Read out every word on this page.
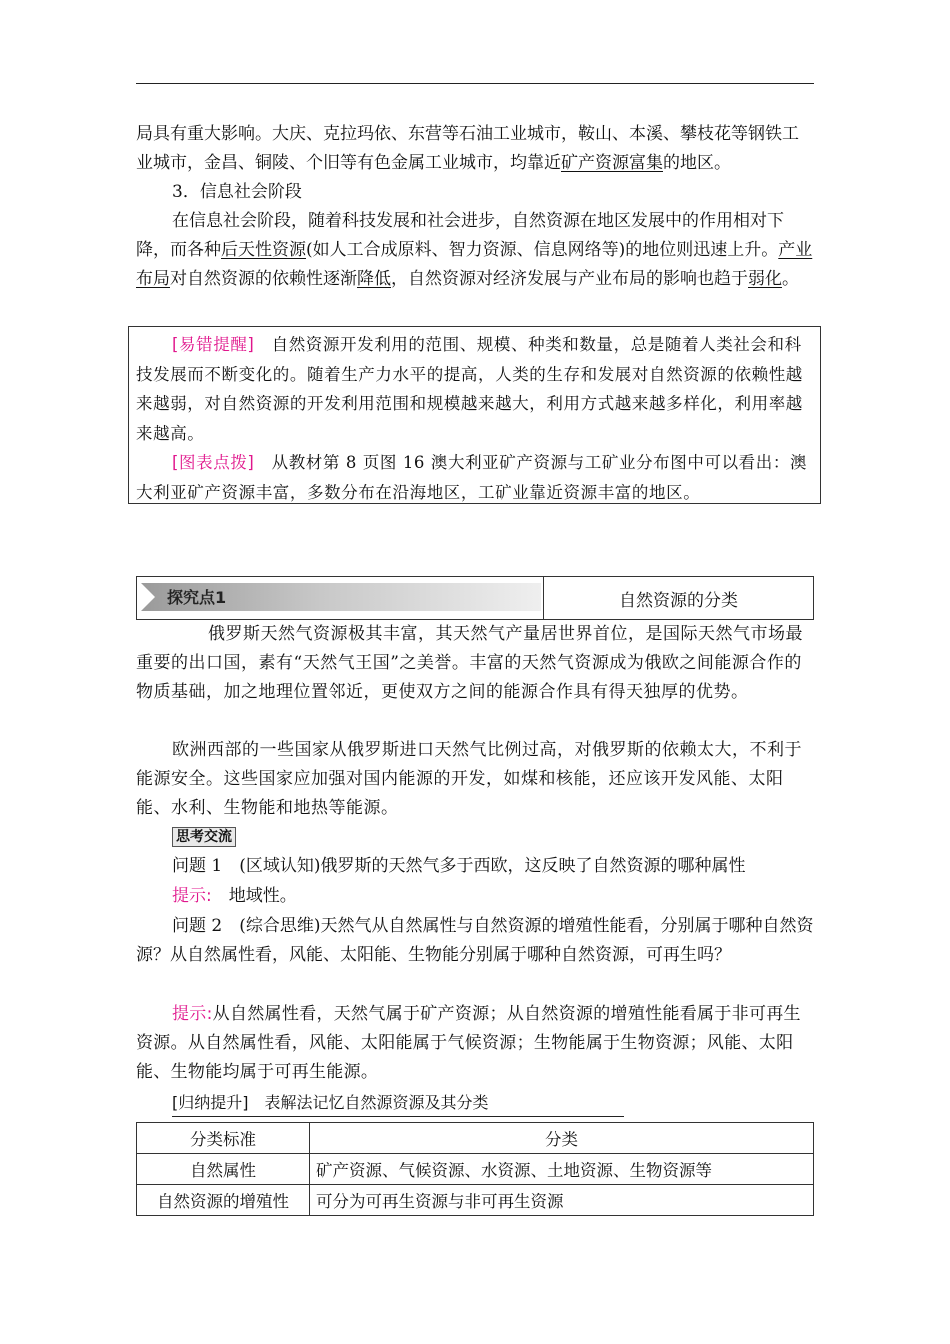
局具有重大影响。大庆、克拉玛依、东营等石油工业城市，鞍山、本溪、攀枝花等钢铁工业城市，金昌、铜陵、个旧等有色金属工业城市，均靠近矿产资源富集的地区。

3．信息社会阶段

在信息社会阶段，随着科技发展和社会进步，自然资源在地区发展中的作用相对下降，而各种后天性资源(如人工合成原料、智力资源、信息网络等)的地位则迅速上升。产业布局对自然资源的依赖性逐渐降低，自然资源对经济发展与产业布局的影响也趋于弱化。

[易错提醒]　 自然资源开发利用的范围、规模、种类和数量，总是随着人类社会和科技发展而不断变化的。随着生产力水平的提高，人类的生存和发展对自然资源的依赖性越来越弱，对自然资源的开发利用范围和规模越来越大，利用方式越来越多样化，利用率越来越高。

[图表点拨]　 从教材第 8 页图 16 澳大利亚矿产资源与工矿业分布图中可以看出：澳大利亚矿产资源丰富，多数分布在沿海地区，工矿业靠近资源丰富的地区。

探究点1	自然资源的分类

俄罗斯天然气资源极其丰富，其天然气产量居世界首位，是国际天然气市场最重要的出口国，素有“天然气王国”之美誉。丰富的天然气资源成为俄欧之间能源合作的物质基础，加之地理位置邻近，更使双方之间的能源合作具有得天独厚的优势。

欧洲西部的一些国家从俄罗斯进口天然气比例过高，对俄罗斯的依赖太大，不利于能源安全。这些国家应加强对国内能源的开发，如煤和核能，还应该开发风能、太阳能、水利、生物能和地热等能源。

思考交流

问题 1　(区域认知)俄罗斯的天然气多于西欧，这反映了自然资源的哪种属性

提示:　 地域性。

问题 2　(综合思维)天然气从自然属性与自然资源的增殖性能看，分别属于哪种自然资源？从自然属性看，风能、太阳能、生物能分别属于哪种自然资源，可再生吗？

提示:从自然属性看，天然气属于矿产资源；从自然资源的增殖性能看属于非可再生资源。从自然属性看，风能、太阳能属于气候资源；生物能属于生物资源；风能、太阳能、生物能均属于可再生能源。

[归纳提升]　 表解法记忆自然源资源及其分类

分类标准	分类
自然属性	矿产资源、气候资源、水资源、土地资源、生物资源等
自然资源的增殖性	可分为可再生资源与非可再生资源
